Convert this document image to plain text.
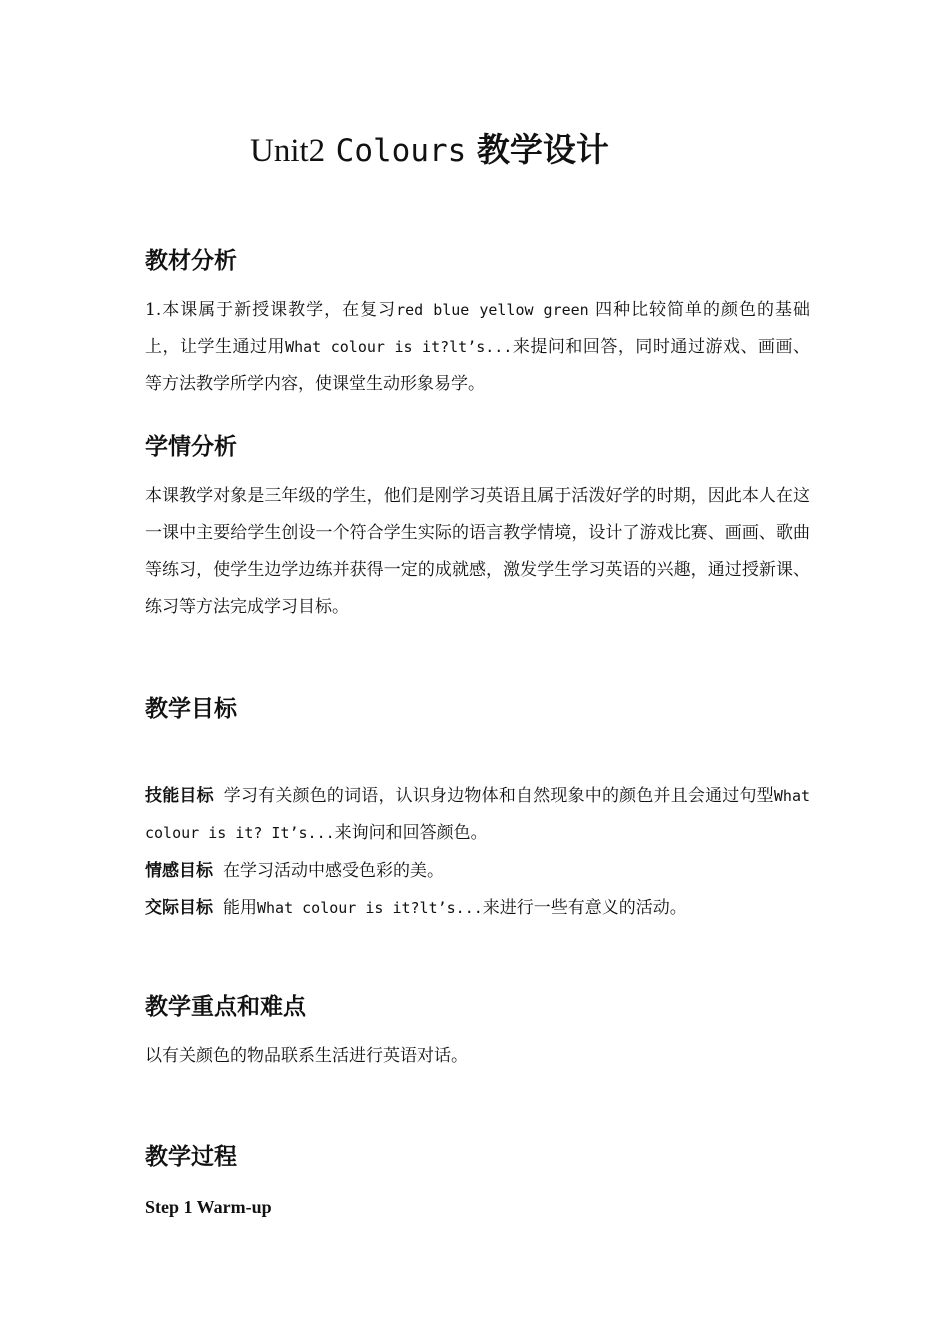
Unit2 Colours 教学设计
教材分析
1.本课属于新授课教学，在复习red blue yellow green 四种比较简单的颜色的基础上，让学生通过用What colour is it?lt’s...来提问和回答，同时通过游戏、画画、等方法教学所学内容，使课堂生动形象易学。
学情分析
本课教学对象是三年级的学生，他们是刚学习英语且属于活泼好学的时期，因此本人在这一课中主要给学生创设一个符合学生实际的语言教学情境，设计了游戏比赛、画画、歌曲等练习，使学生边学边练并获得一定的成就感，激发学生学习英语的兴趣，通过授新课、练习等方法完成学习目标。
教学目标
技能目标 学习有关颜色的词语，认识身边物体和自然现象中的颜色并且会通过句型What colour is it? It’s...来询问和回答颜色。
情感目标 在学习活动中感受色彩的美。
交际目标 能用What colour is it?lt’s...来进行一些有意义的活动。
教学重点和难点
以有关颜色的物品联系生活进行英语对话。
教学过程
Step 1 Warm-up
